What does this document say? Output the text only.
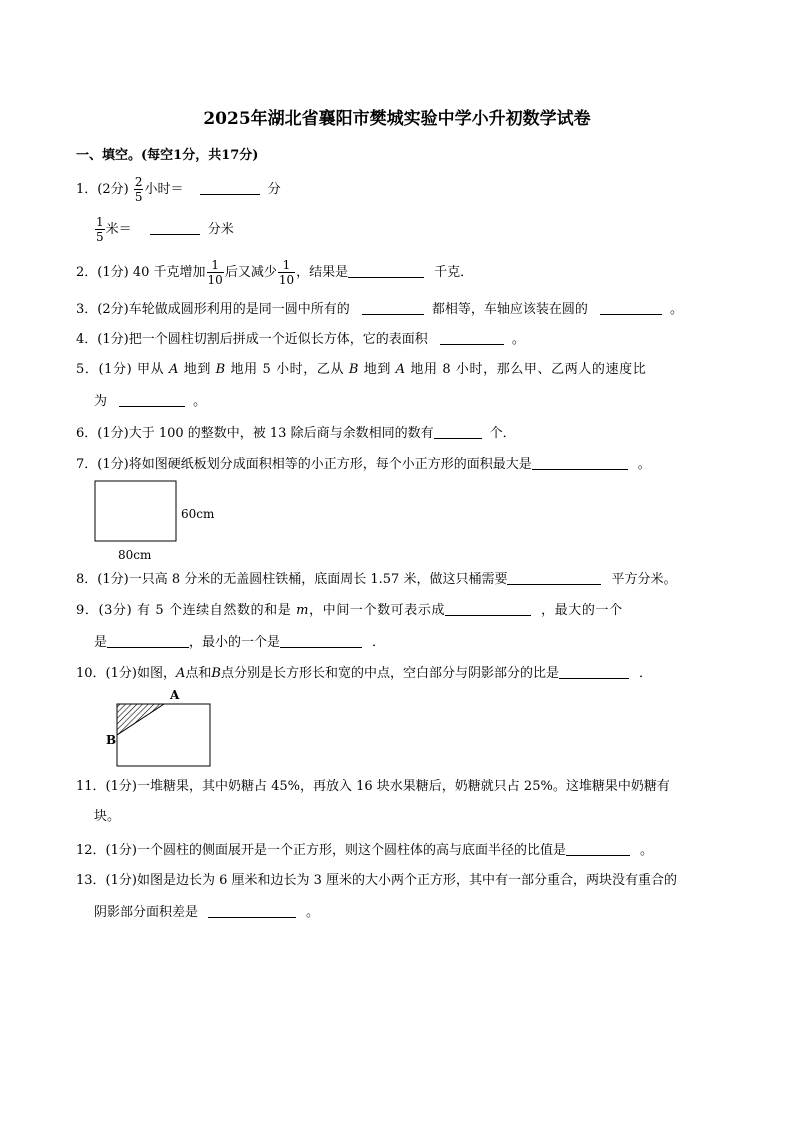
2025年湖北省襄阳市樊城实验中学小升初数学试卷
一、填空。(每空1分，共17分)
1．(2分) $\frac{2}{5}$ 小时＝	分
$\frac{1}{5}$ 米＝	分米
2．(1分) 40 千克增加 $\frac{1}{10}$ 后又减少 $\frac{1}{10}$ ，结果是	千克．
3．(2分)车轮做成圆形利用的是同一圆中所有的	都相等，车轴应该装在圆的	。
4．(1分)把一个圆柱切割后拼成一个近似长方体，它的表面积	。
5．(1分) 甲从 A 地到 B 地用 5 小时，乙从 B 地到 A 地用 8 小时，那么甲、乙两人的速度比
为	。
6．(1分)大于 100 的整数中，被 13 除后商与余数相同的数有	个．
7．(1分)将如图硬纸板划分成面积相等的小正方形，每个小正方形的面积最大是	。
60cm
80cm
8．(1分)一只高 8 分米的无盖圆柱铁桶，底面周长 1.57 米，做这只桶需要	平方分米。
9．(3分) 有 5 个连续自然数的和是 m，中间一个数可表示成	，最大的一个
是	，最小的一个是	．
10．(1分)如图，A点和B点分别是长方形长和宽的中点，空白部分与阴影部分的比是	．
A
B
11．(1分)一堆糖果，其中奶糖占 45%，再放入 16 块水果糖后，奶糖就只占 25%。这堆糖果中奶糖有
块。
12．(1分)一个圆柱的侧面展开是一个正方形，则这个圆柱体的高与底面半径的比值是	。
13．(1分)如图是边长为 6 厘米和边长为 3 厘米的大小两个正方形，其中有一部分重合，两块没有重合的
阴影部分面积差是	。
